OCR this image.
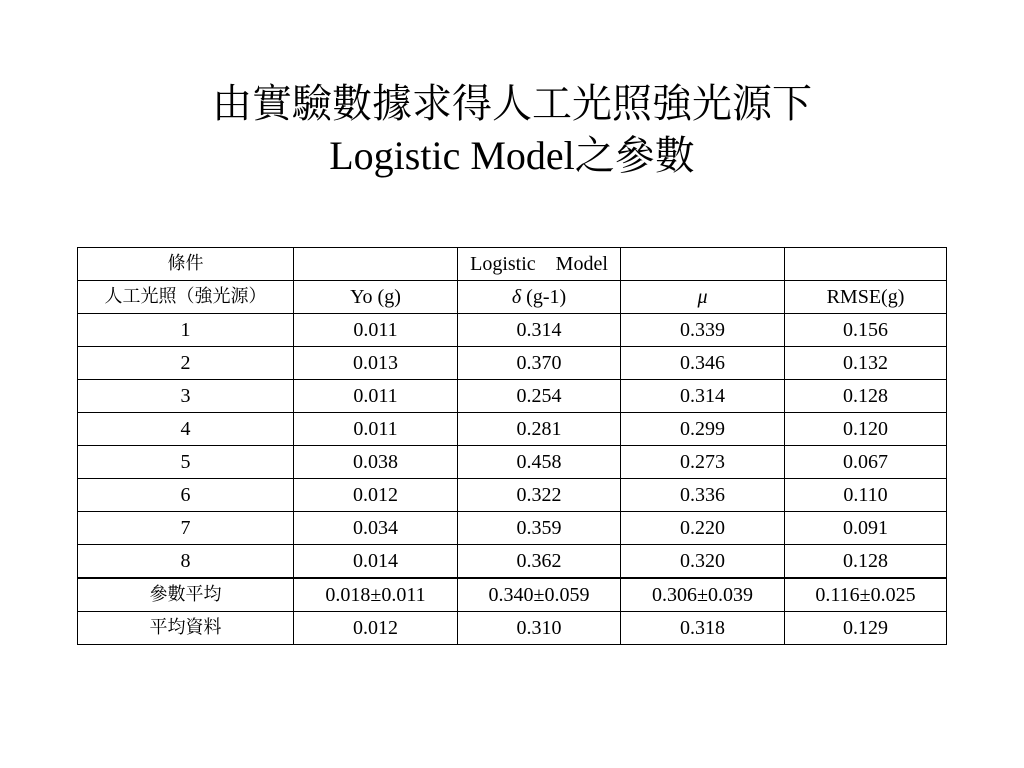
由實驗數據求得人工光照強光源下
Logistic Model之參數
條件		Logistic　Model		
人工光照（強光源）	Yo (g)	δ (g-1)	μ	RMSE(g)
1	0.011	0.314	0.339	0.156
2	0.013	0.370	0.346	0.132
3	0.011	0.254	0.314	0.128
4	0.011	0.281	0.299	0.120
5	0.038	0.458	0.273	0.067
6	0.012	0.322	0.336	0.110
7	0.034	0.359	0.220	0.091
8	0.014	0.362	0.320	0.128
參數平均	0.018±0.011	0.340±0.059	0.306±0.039	0.116±0.025
平均資料	0.012	0.310	0.318	0.129
